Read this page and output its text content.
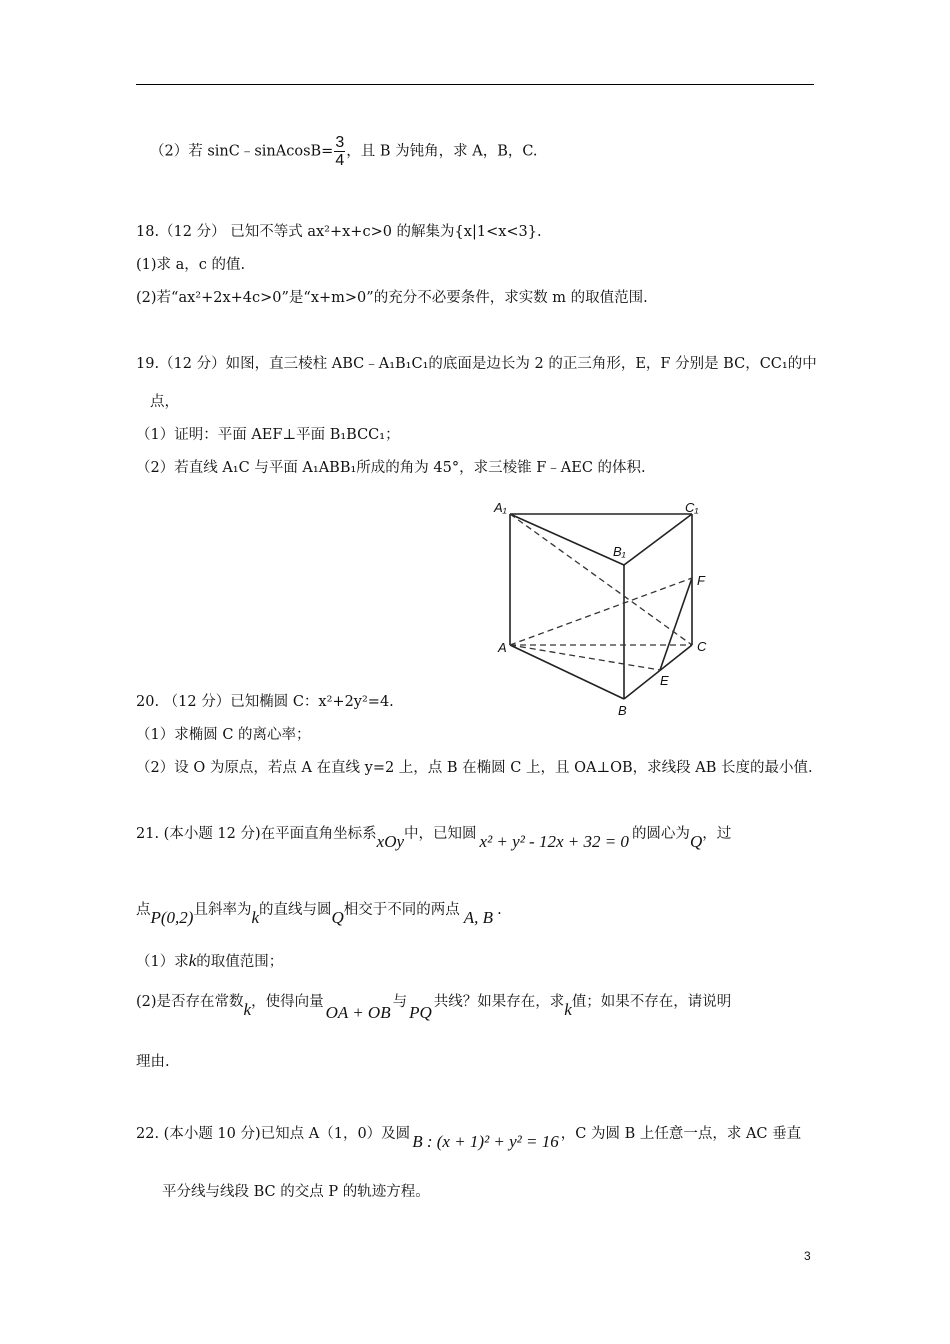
（2）若 sinC﹣sinAcosB= $\frac{3}{4}$ ，且 B 为钝角，求 A，B，C.
18.（12 分） 已知不等式 ax²+x+c>0 的解集为{x|1<x<3}.
(1)求 a，c 的值.
(2)若“ax²+2x+4c>0”是“x+m>0”的充分不必要条件，求实数 m 的取值范围.
19.（12 分）如图，直三棱柱 ABC﹣A₁B₁C₁的底面是边长为 2 的正三角形，E，F 分别是 BC，CC₁的中
点，
（1）证明：平面 AEF⊥平面 B₁BCC₁；
（2）若直线 A₁C 与平面 A₁ABB₁所成的角为 45°，求三棱锥 F﹣AEC 的体积.
A₁	C₁
B₁
F
A	C
E
B
20. （12 分）已知椭圆 C：x²+2y²=4.
（1）求椭圆 C 的离心率；
（2）设 O 为原点，若点 A 在直线 y=2 上，点 B 在椭圆 C 上，且 OA⊥OB，求线段 AB 长度的最小值.
21. (本小题 12 分)在平面直角坐标系xOy中，已知圆 x² + y² - 12x + 32 = 0 的圆心为Q，过
点P(0,2)且斜率为k的直线与圆Q相交于不同的两点 A, B .
（1）求k的取值范围；
(2)是否存在常数k，使得向量OA + OB与PQ共线？如果存在，求k值；如果不存在，请说明
理由.
22. (本小题 10 分)已知点 A（1，0）及圆 B : (x + 1)² + y² = 16 ，C 为圆 B 上任意一点，求 AC 垂直
平分线与线段 BC 的交点 P 的轨迹方程。
3
